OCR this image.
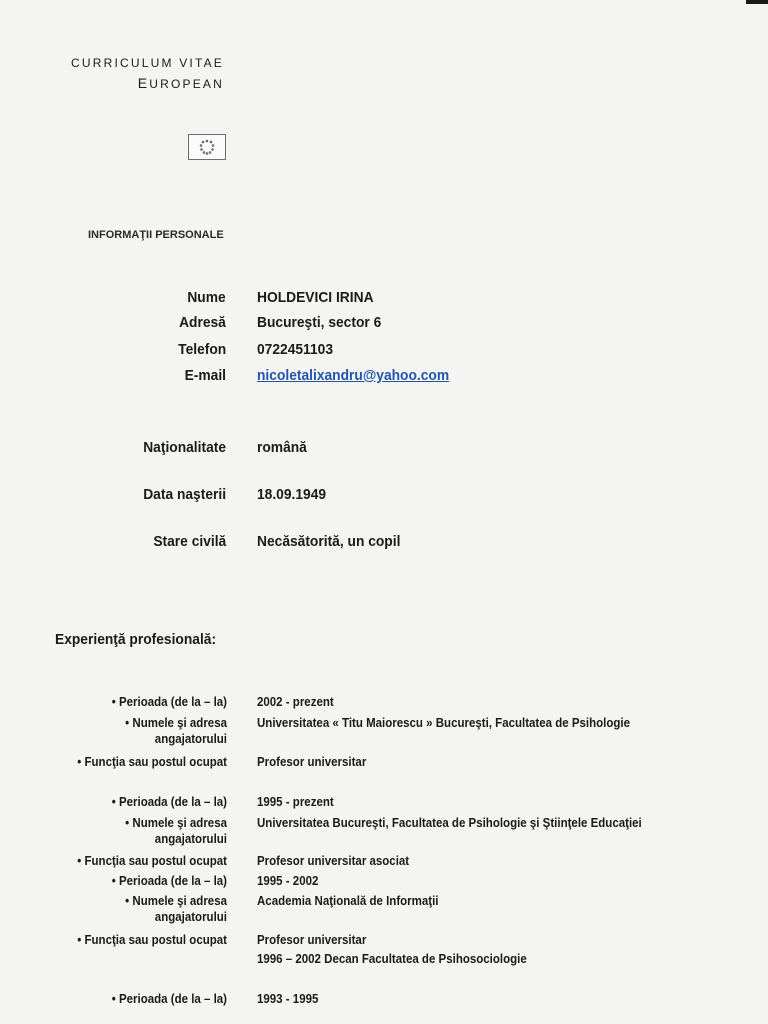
CURRICULUM VITAE
EUROPEAN
INFORMAŢII PERSONALE
Nume HOLDEVICI IRINA
Adresă Bucureşti, sector 6
Telefon 0722451103
E-mail nicoletalixandru@yahoo.com
Naţionalitate română
Data naşterii 18.09.1949
Stare civilă Necăsătorită, un copil
Experienţă profesională:
• Perioada (de la – la) 2002 - prezent
• Numele şi adresa
angajatorului
Universitatea « Titu Maiorescu » Bucureşti, Facultatea de Psihologie
• Funcţia sau postul ocupat Profesor universitar
• Perioada (de la – la) 1995 - prezent
• Numele şi adresa
angajatorului
Universitatea Bucureşti, Facultatea de Psihologie şi Ştiinţele Educaţiei
• Funcţia sau postul ocupat Profesor universitar asociat
• Perioada (de la – la) 1995 - 2002
• Numele şi adresa
angajatorului
Academia Naţională de Informaţii
• Funcţia sau postul ocupat Profesor universitar
1996 – 2002 Decan Facultatea de Psihosociologie
• Perioada (de la – la) 1993 - 1995
